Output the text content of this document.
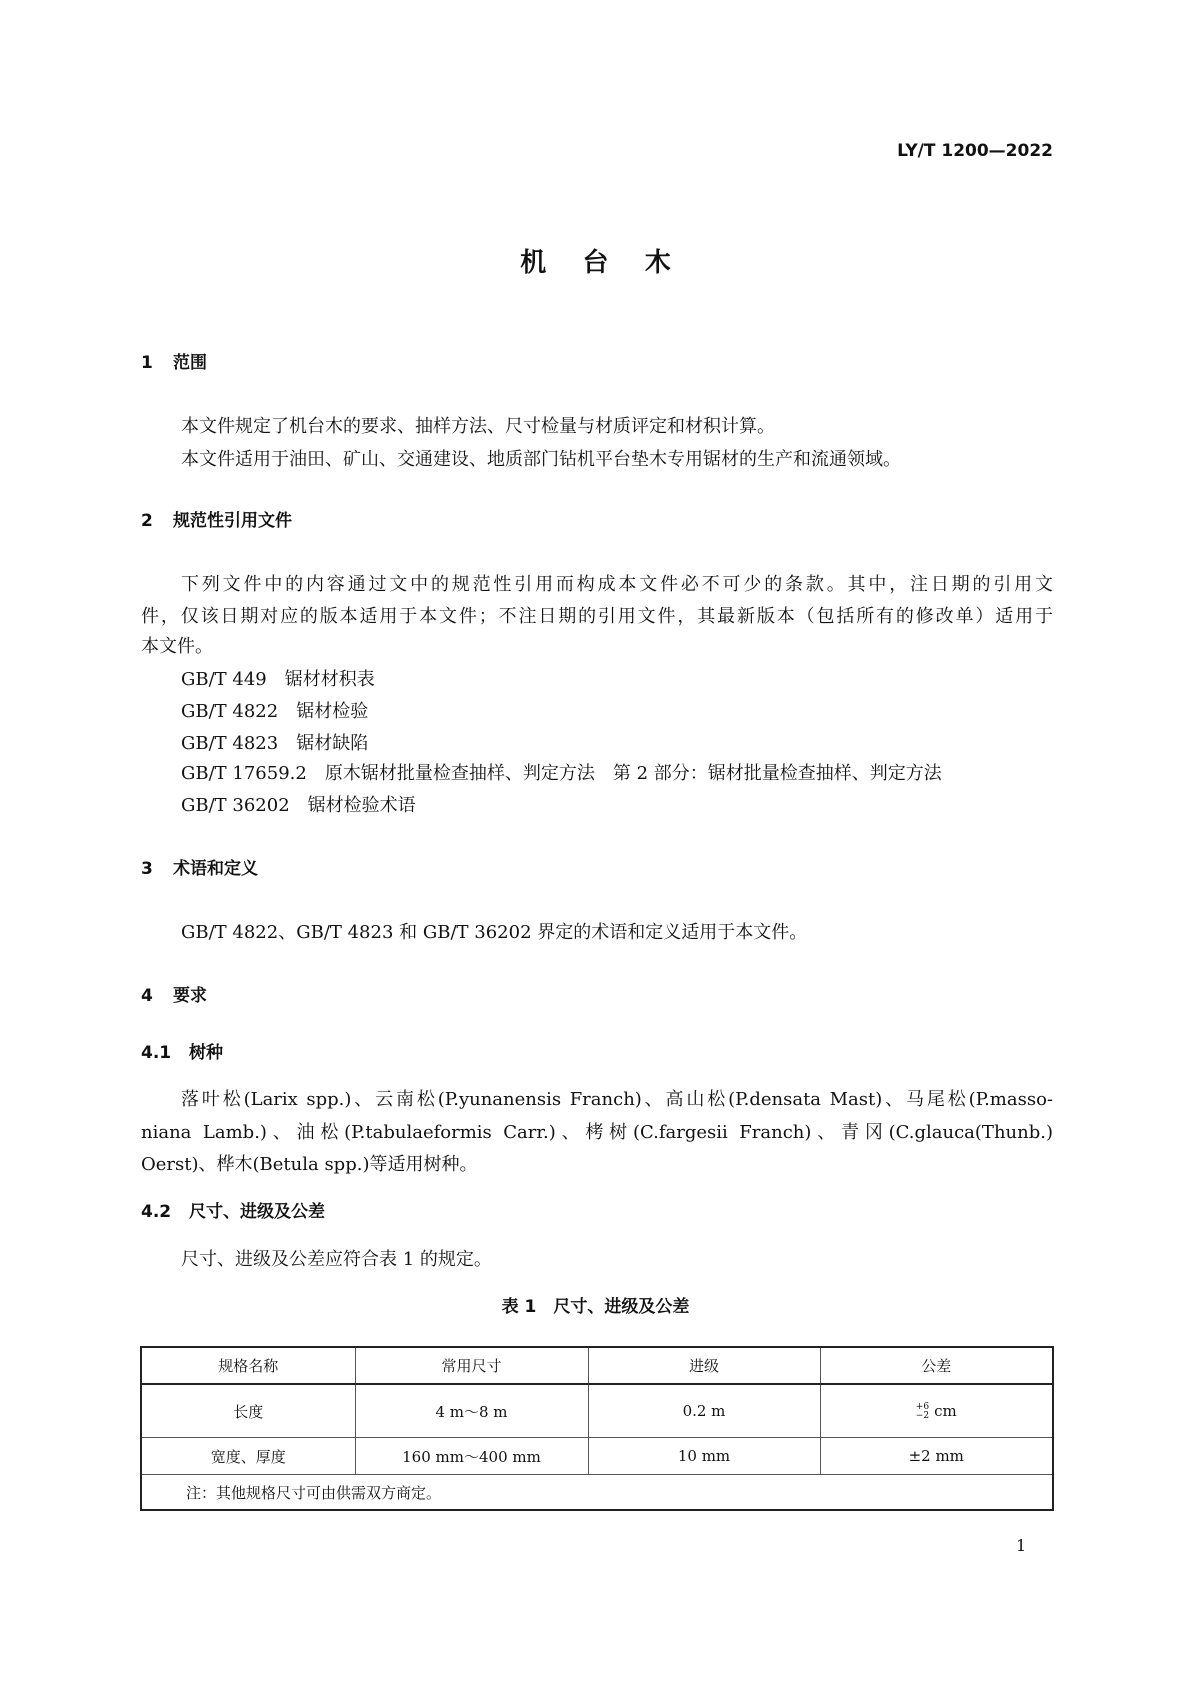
LY/T 1200—2022
机    台    木
1 范围
本文件规定了机台木的要求、抽样方法、尺寸检量与材质评定和材积计算。
本文件适用于油田、矿山、交通建设、地质部门钻机平台垫木专用锯材的生产和流通领域。
2 规范性引用文件
下列文件中的内容通过文中的规范性引用而构成本文件必不可少的条款。其中，注日期的引用文
件，仅该日期对应的版本适用于本文件；不注日期的引用文件，其最新版本（包括所有的修改单）适用于
本文件。
GB/T 449　 锯材材积表
GB/T 4822　 锯材检验
GB/T 4823　 锯材缺陷
GB/T 17659.2　 原木锯材批量检查抽样、判定方法　第 2 部分：锯材批量检查抽样、判定方法
GB/T 36202　 锯材检验术语
3 术语和定义
GB/T 4822、GB/T 4823 和 GB/T 36202 界定的术语和定义适用于本文件。
4 要求
4.1 树种
落叶松(Larix spp.)、云南松(P.yunanensis Franch)、高山松(P.densata Mast)、马尾松(P.masso-
niana Lamb.)、油松(P.tabulaeformis Carr.)、栲树(C.fargesii Franch)、青冈(C.glauca(Thunb.)
Oerst)、桦木(Betula spp.)等适用树种。
4.2 尺寸、进级及公差
尺寸、进级及公差应符合表 1 的规定。
表 1　尺寸、进级及公差
规格名称	常用尺寸	进级	公差
长度	4 m～8 m	0.2 m	+6
−2 cm
宽度、厚度	160 mm～400 mm	10 mm	±2 mm
注：其他规格尺寸可由供需双方商定。			
1
